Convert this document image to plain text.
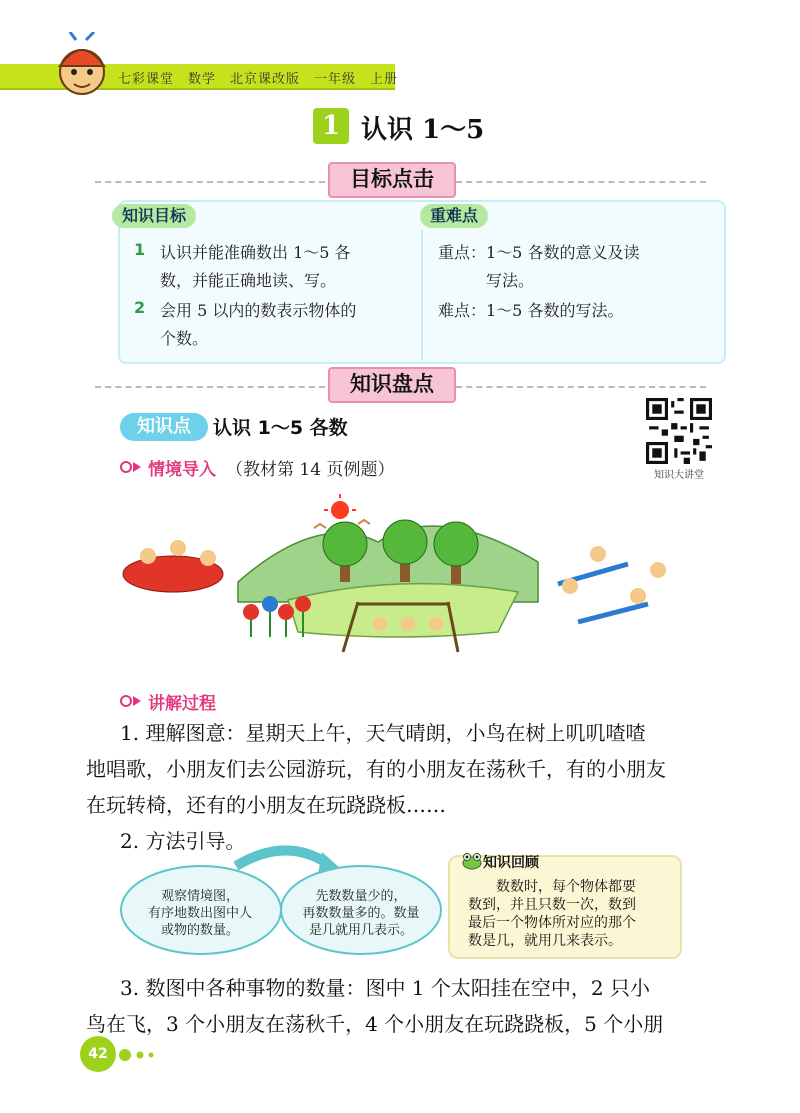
七彩课堂　数学　北京课改版　一年级　上册
1 认识 1～5
目标点击
知识目标	重难点
1 认识并能准确数出 1～5 各
数，并能正确地读、写。
2 会用 5 以内的数表示物体的
个数。
重点：1～5 各数的意义及读
写法。
难点：1～5 各数的写法。
知识盘点
知识点	认识 1～5 各数
情境导入 （教材第 14 页例题）	知识大讲堂
讲解过程
1. 理解图意：星期天上午，天气晴朗，小鸟在树上叽叽喳喳
地唱歌，小朋友们去公园游玩，有的小朋友在荡秋千，有的小朋友
在玩转椅，还有的小朋友在玩跷跷板……
2. 方法引导。
观察情境图，
有序地数出图中人
或物的数量。
先数数量少的，
再数数量多的。数量
是几就用几表示。
知识回顾
数数时，每个物体都要
数到，并且只数一次，数到
最后一个物体所对应的那个
数是几，就用几来表示。
3. 数图中各种事物的数量：图中 1 个太阳挂在空中，2 只小
鸟在飞，3 个小朋友在荡秋千，4 个小朋友在玩跷跷板，5 个小朋
42
